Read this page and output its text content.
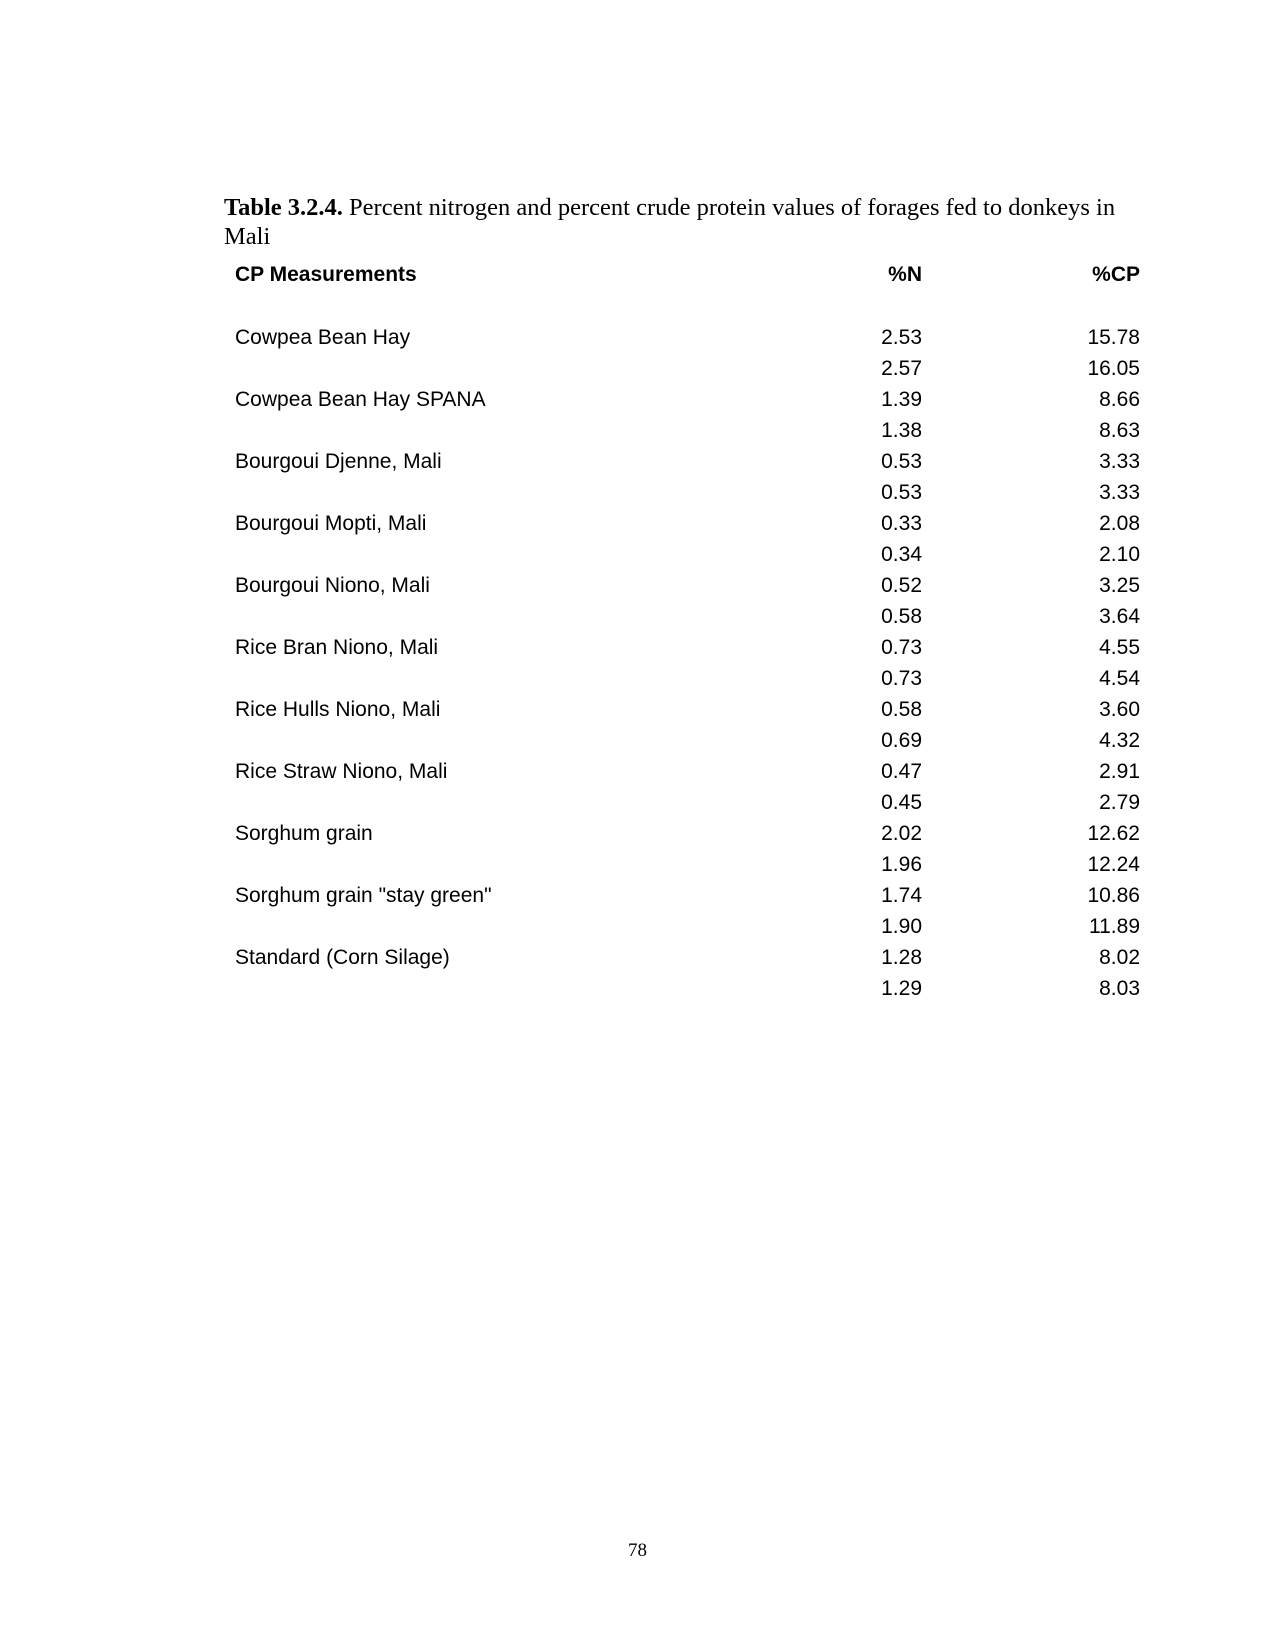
Table 3.2.4. Percent nitrogen and percent crude protein values of forages fed to donkeys in Mali
CP Measurements	%N	%CP
Cowpea Bean Hay	2.53	15.78
2.57	16.05
Cowpea Bean Hay SPANA	1.39	8.66
1.38	8.63
Bourgoui Djenne, Mali	0.53	3.33
0.53	3.33
Bourgoui Mopti, Mali	0.33	2.08
0.34	2.10
Bourgoui Niono, Mali	0.52	3.25
0.58	3.64
Rice Bran Niono, Mali	0.73	4.55
0.73	4.54
Rice Hulls Niono, Mali	0.58	3.60
0.69	4.32
Rice Straw Niono, Mali	0.47	2.91
0.45	2.79
Sorghum grain	2.02	12.62
1.96	12.24
Sorghum grain "stay green"	1.74	10.86
1.90	11.89
Standard (Corn Silage)	1.28	8.02
1.29	8.03
78
